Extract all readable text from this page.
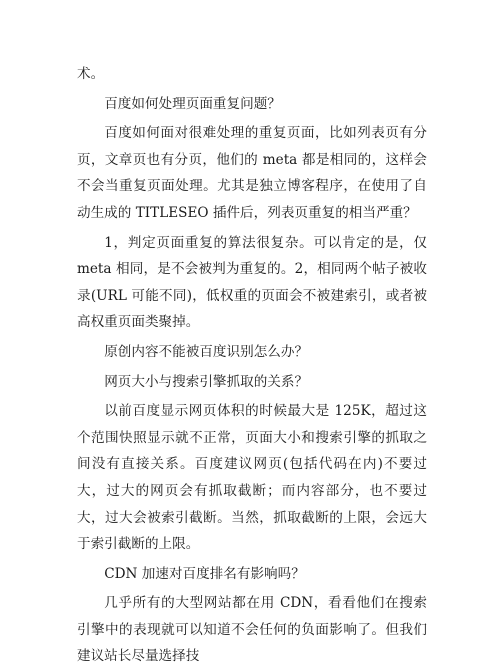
术。

百度如何处理页面重复问题？

百度如何面对很难处理的重复页面，比如列表页有分页，文章页也有分页，他们的 meta 都是相同的，这样会不会当重复页面处理。尤其是独立博客程序，在使用了自动生成的 TITLESEO 插件后，列表页重复的相当严重？

1，判定页面重复的算法很复杂。可以肯定的是，仅 meta 相同，是不会被判为重复的。2，相同两个帖子被收录(URL 可能不同)，低权重的页面会不被建索引，或者被高权重页面类聚掉。

原创内容不能被百度识别怎么办？

网页大小与搜索引擎抓取的关系？

以前百度显示网页体积的时候最大是 125K，超过这个范围快照显示就不正常，页面大小和搜索引擎的抓取之间没有直接关系。百度建议网页(包括代码在内)不要过大，过大的网页会有抓取截断；而内容部分，也不要过大，过大会被索引截断。当然，抓取截断的上限，会远大于索引截断的上限。

CDN 加速对百度排名有影响吗？

几乎所有的大型网站都在用 CDN，看看他们在搜索引擎中的表现就可以知道不会任何的负面影响了。但我们建议站长尽量选择技
